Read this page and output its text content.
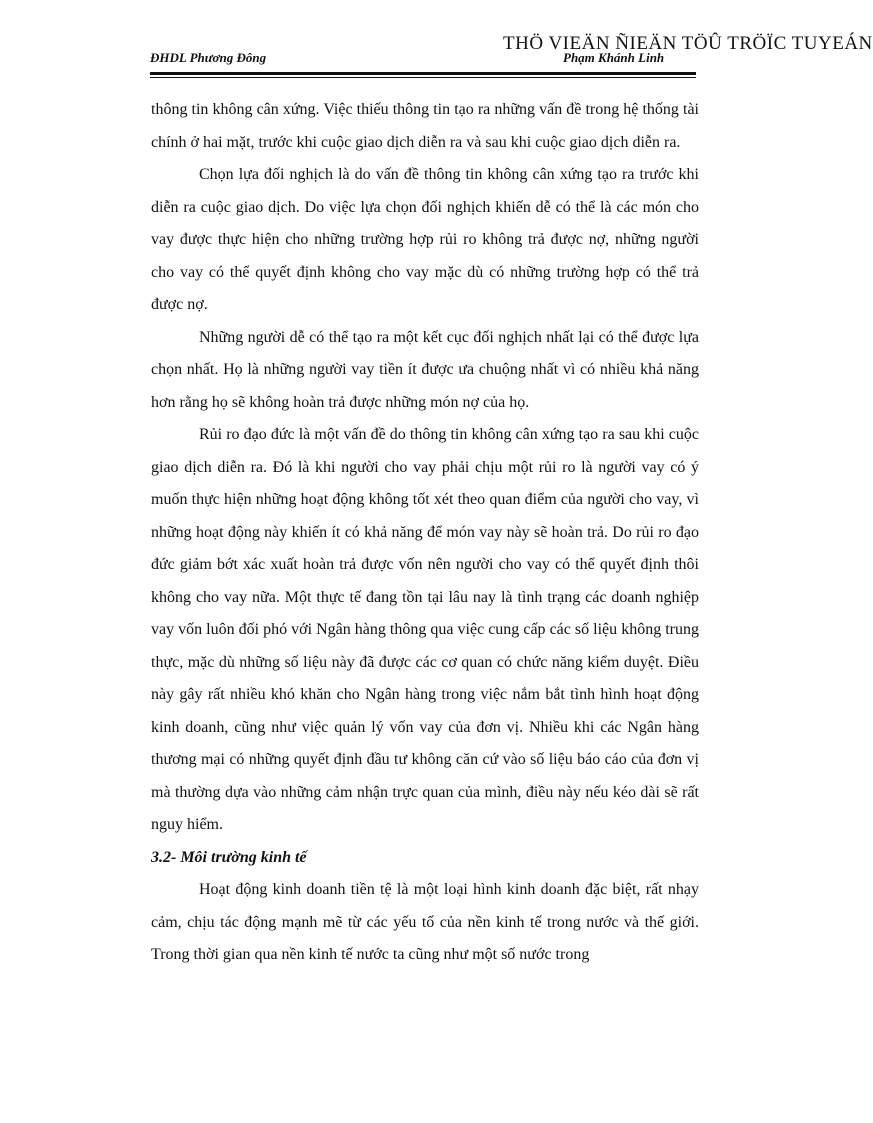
ĐHDL Phương Đông
THÖ VIEÄN ÑIEÄN TÖÛ TRÖÏC TUYEÁN
Phạm Khánh Linh

thông tin không cân xứng. Việc thiếu thông tin tạo ra những vấn đề trong hệ thống tài chính ở hai mặt, trước khi cuộc giao dịch diễn ra và sau khi cuộc giao dịch diễn ra.

Chọn lựa đối nghịch là do vấn đề thông tin không cân xứng tạo ra trước khi diễn ra cuộc giao dịch. Do việc lựa chọn đối nghịch khiến dễ có thể là các món cho vay được thực hiện cho những trường hợp rủi ro không trả được nợ, những người cho vay có thể quyết định không cho vay mặc dù có những trường hợp có thể trả được nợ.

Những người dễ có thể tạo ra một kết cục đối nghịch nhất lại có thể được lựa chọn nhất. Họ là những người vay tiền ít được ưa chuộng nhất vì có nhiều khả năng hơn rằng họ sẽ không hoàn trả được những món nợ của họ.

Rủi ro đạo đức là một vấn đề do thông tin không cân xứng tạo ra sau khi cuộc giao dịch diễn ra. Đó là khi người cho vay phải chịu một rủi ro là người vay có ý muốn thực hiện những hoạt động không tốt xét theo quan điểm của người cho vay, vì những hoạt động này khiến ít có khả năng để món vay này sẽ hoàn trả. Do rủi ro đạo đức giảm bớt xác xuất hoàn trả được vốn nên người cho vay có thể quyết định thôi không cho vay nữa. Một thực tế đang tồn tại lâu nay là tình trạng các doanh nghiệp vay vốn luôn đối phó với Ngân hàng thông qua việc cung cấp các số liệu không trung thực, mặc dù những số liệu này đã được các cơ quan có chức năng kiểm duyệt. Điều này gây rất nhiều khó khăn cho Ngân hàng trong việc nắm bắt tình hình hoạt động kinh doanh, cũng như việc quản lý vốn vay của đơn vị. Nhiều khi các Ngân hàng thương mại có những quyết định đầu tư không căn cứ vào số liệu báo cáo của đơn vị mà thường dựa vào những cảm nhận trực quan của mình, điều này nếu kéo dài sẽ rất nguy hiểm.

3.2- Môi trường kinh tế

Hoạt động kinh doanh tiền tệ là một loại hình kinh doanh đặc biệt, rất nhạy cảm, chịu tác động mạnh mẽ từ các yếu tố của nền kinh tế trong nước và thế giới. Trong thời gian qua nền kinh tế nước ta cũng như một số nước trong
